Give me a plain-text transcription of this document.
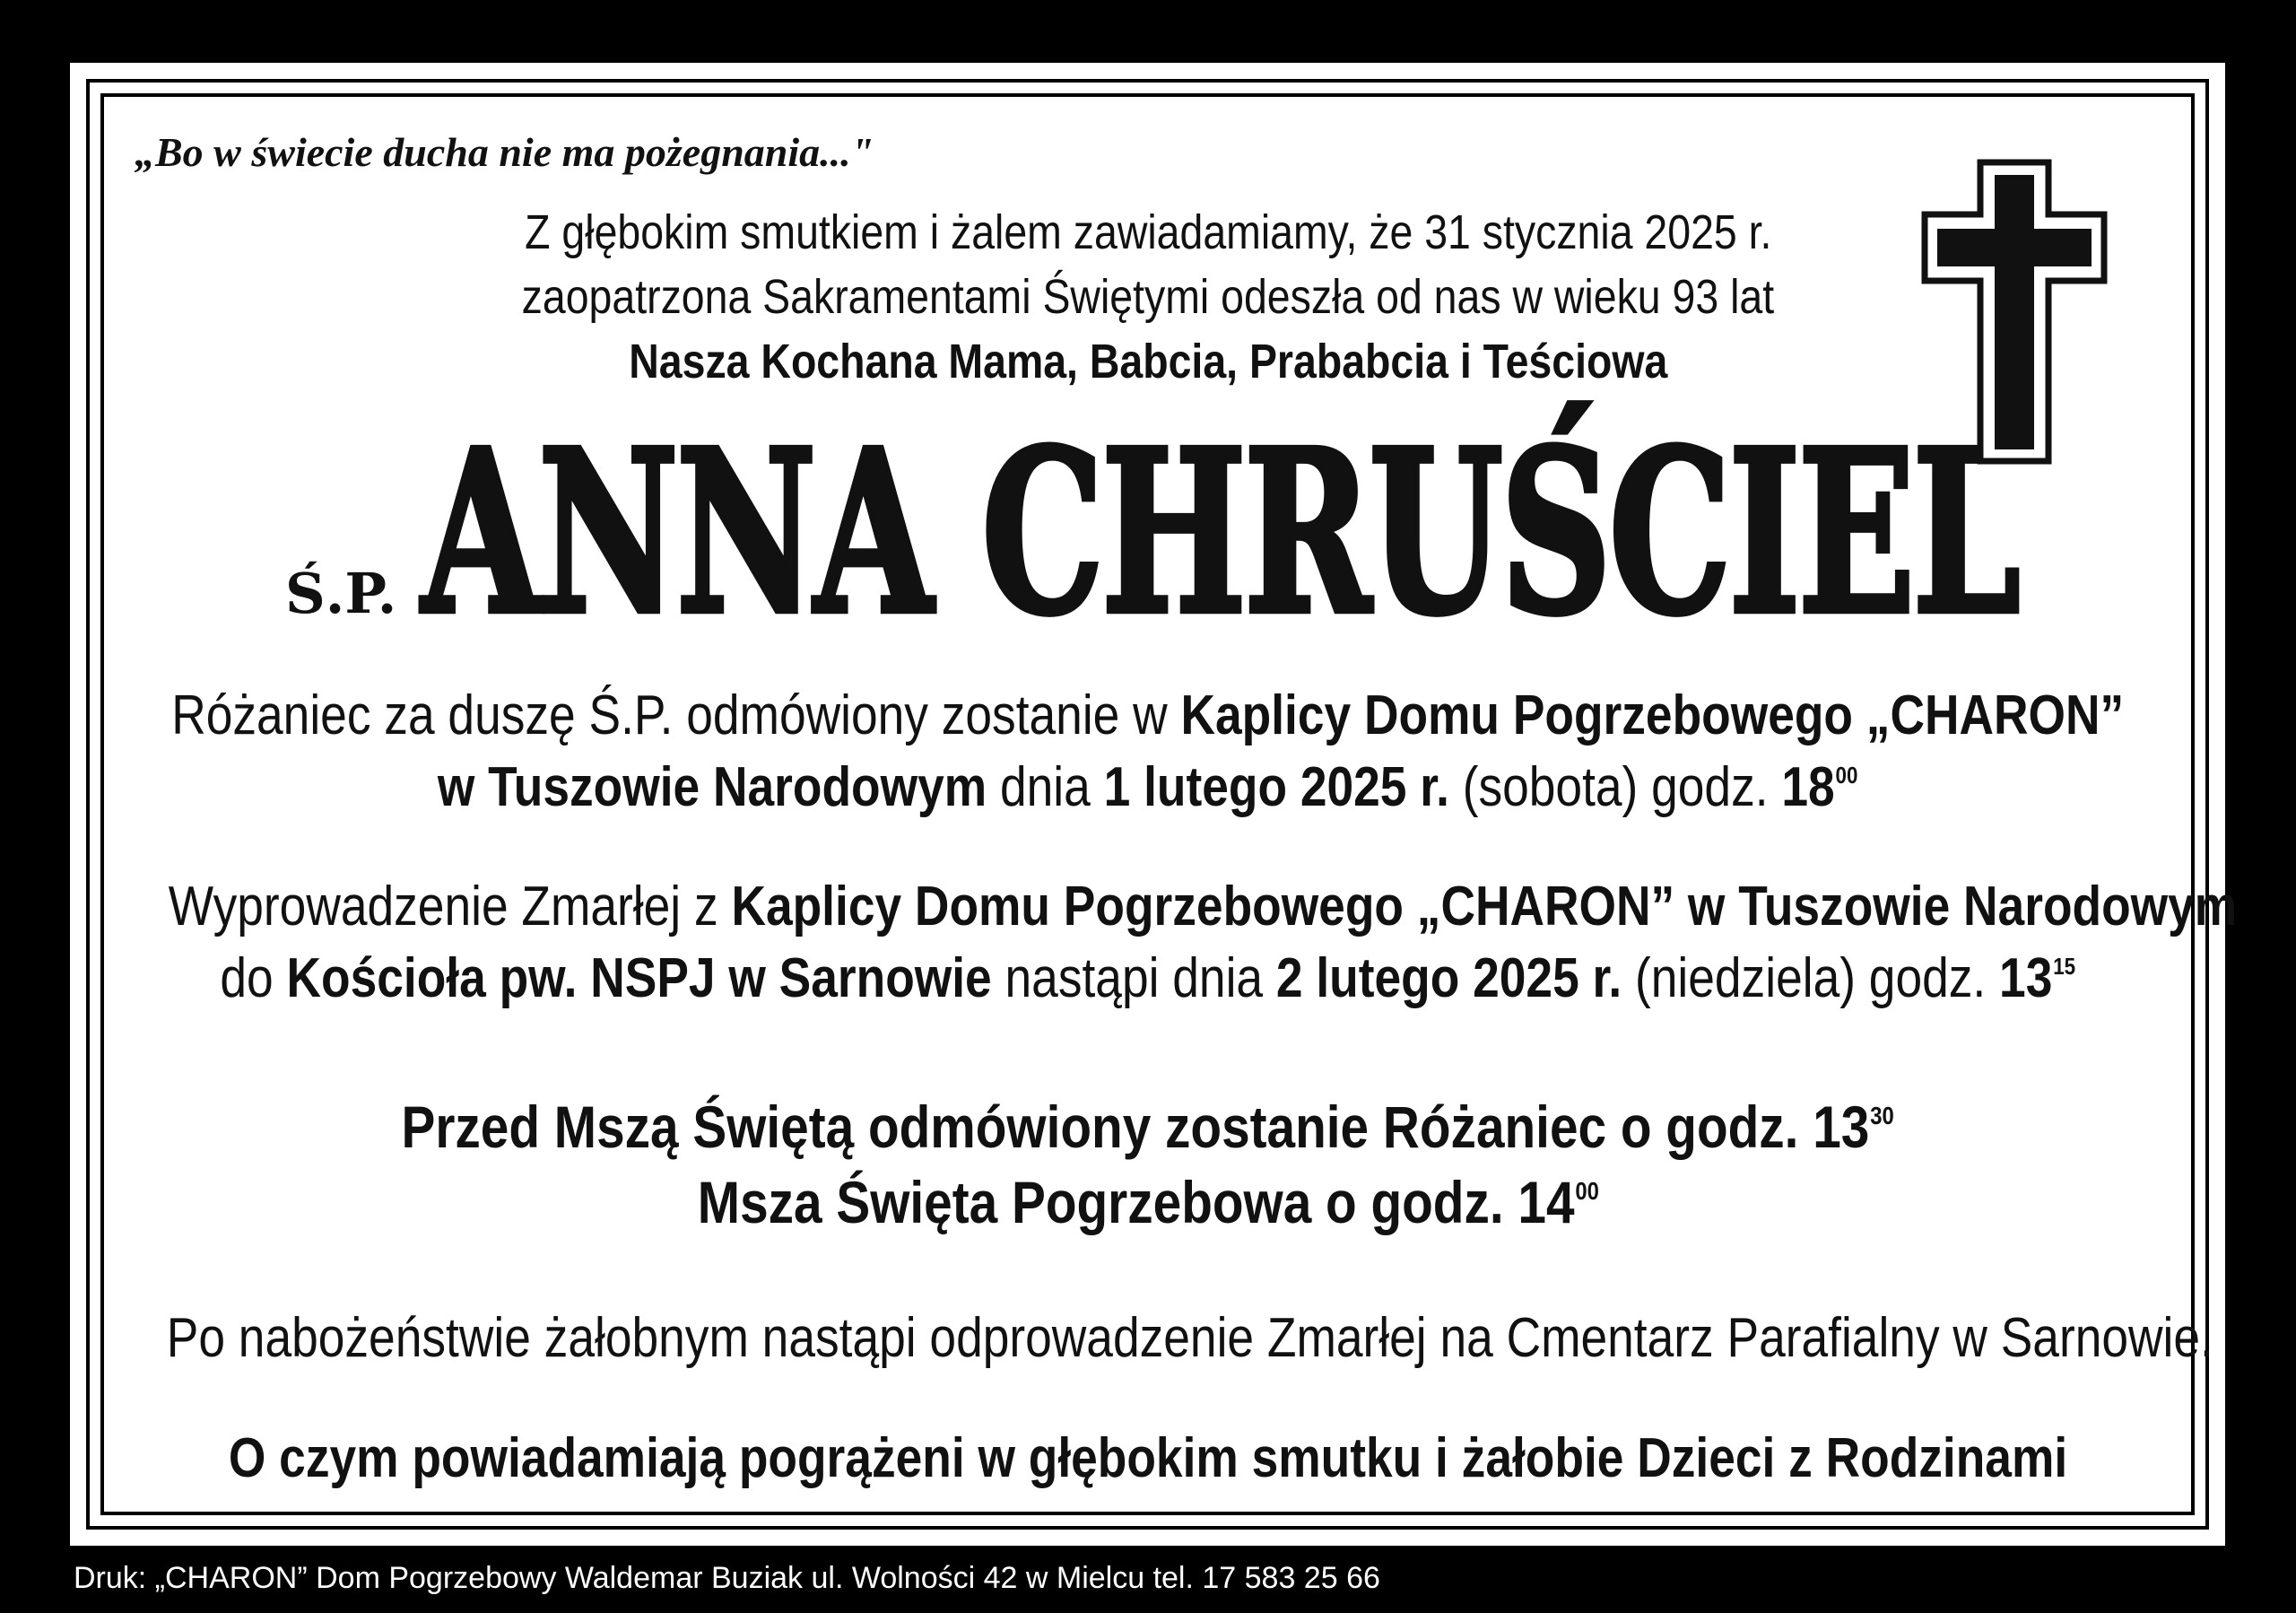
„Bo w świecie ducha nie ma pożegnania..."
Z głębokim smutkiem i żalem zawiadamiamy, że 31 stycznia 2025 r.
zaopatrzona Sakramentami Świętymi odeszła od nas w wieku 93 lat
Nasza Kochana Mama, Babcia, Prababcia i Teściowa
Ś.P. ANNA CHRUŚCIEL
Różaniec za duszę Ś.P. odmówiony zostanie w Kaplicy Domu Pogrzebowego „CHARON”
w Tuszowie Narodowym dnia 1 lutego 2025 r. (sobota) godz. $18^{00}$
Wyprowadzenie Zmarłej z Kaplicy Domu Pogrzebowego „CHARON” w Tuszowie Narodowym
do Kościoła pw. NSPJ w Sarnowie nastąpi dnia 2 lutego 2025 r. (niedziela) godz. $13^{15}$
Przed Mszą Świętą odmówiony zostanie Różaniec o godz. $13^{30}$
Msza Święta Pogrzebowa o godz. $14^{00}$
Po nabożeństwie żałobnym nastąpi odprowadzenie Zmarłej na Cmentarz Parafialny w Sarnowie.
O czym powiadamiają pogrążeni w głębokim smutku i żałobie Dzieci z Rodzinami
Druk: „CHARON” Dom Pogrzebowy Waldemar Buziak ul. Wolności 42 w Mielcu tel. 17 583 25 66
